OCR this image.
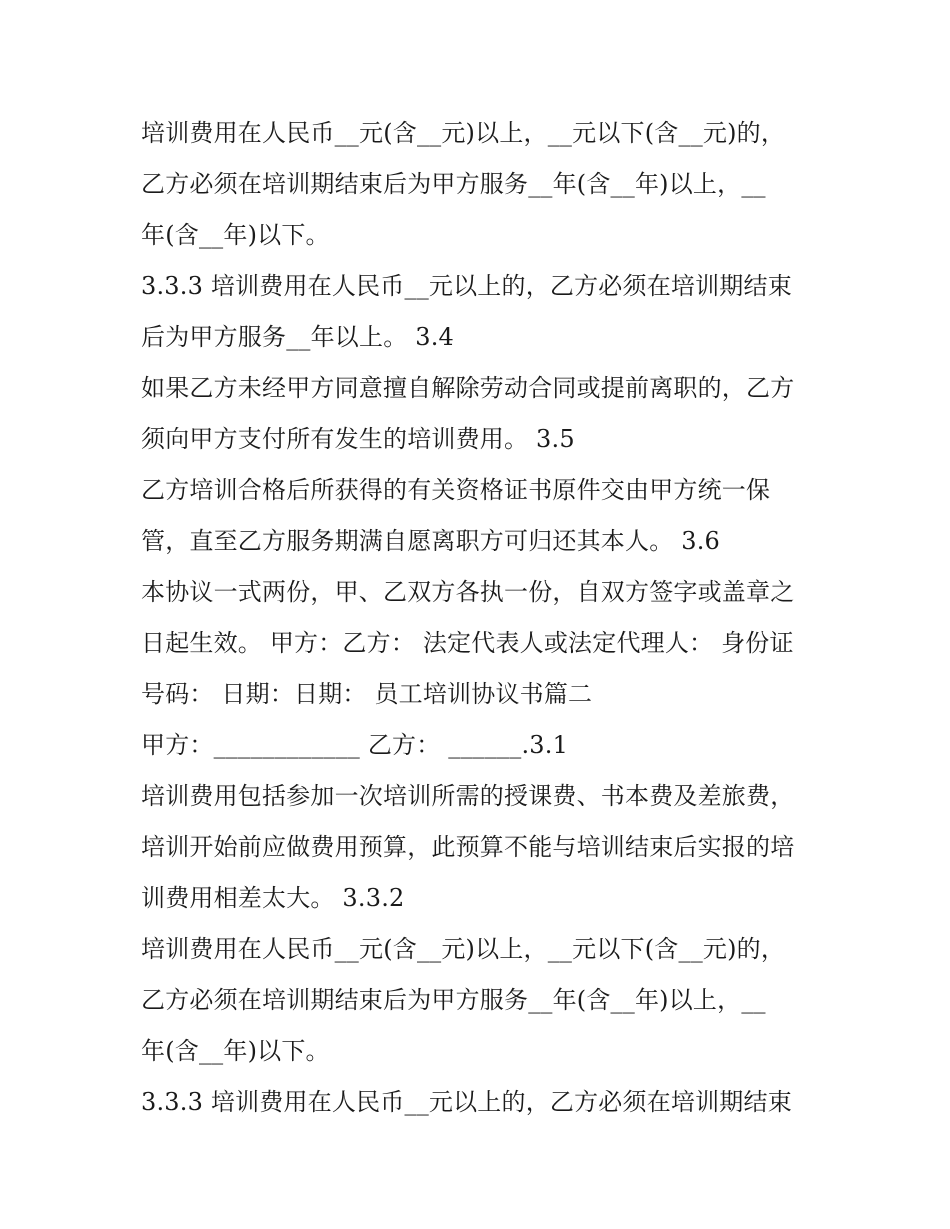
培训费用在人民币__元(含__元)以上，__元以下(含__元)的，
乙方必须在培训期结束后为甲方服务__年(含__年)以上，__
年(含__年)以下。
3.3.3 培训费用在人民币__元以上的，乙方必须在培训期结束
后为甲方服务__年以上。 3.4
如果乙方未经甲方同意擅自解除劳动合同或提前离职的，乙方
须向甲方支付所有发生的培训费用。 3.5
乙方培训合格后所获得的有关资格证书原件交由甲方统一保
管，直至乙方服务期满自愿离职方可归还其本人。 3.6
本协议一式两份，甲、乙双方各执一份，自双方签字或盖章之
日起生效。 甲方：乙方： 法定代表人或法定代理人： 身份证
号码： 日期：日期： 员工培训协议书篇二
甲方：____________ 乙方： ______.3.1
培训费用包括参加一次培训所需的授课费、书本费及差旅费，
培训开始前应做费用预算，此预算不能与培训结束后实报的培
训费用相差太大。 3.3.2
培训费用在人民币__元(含__元)以上，__元以下(含__元)的，
乙方必须在培训期结束后为甲方服务__年(含__年)以上，__
年(含__年)以下。
3.3.3 培训费用在人民币__元以上的，乙方必须在培训期结束
